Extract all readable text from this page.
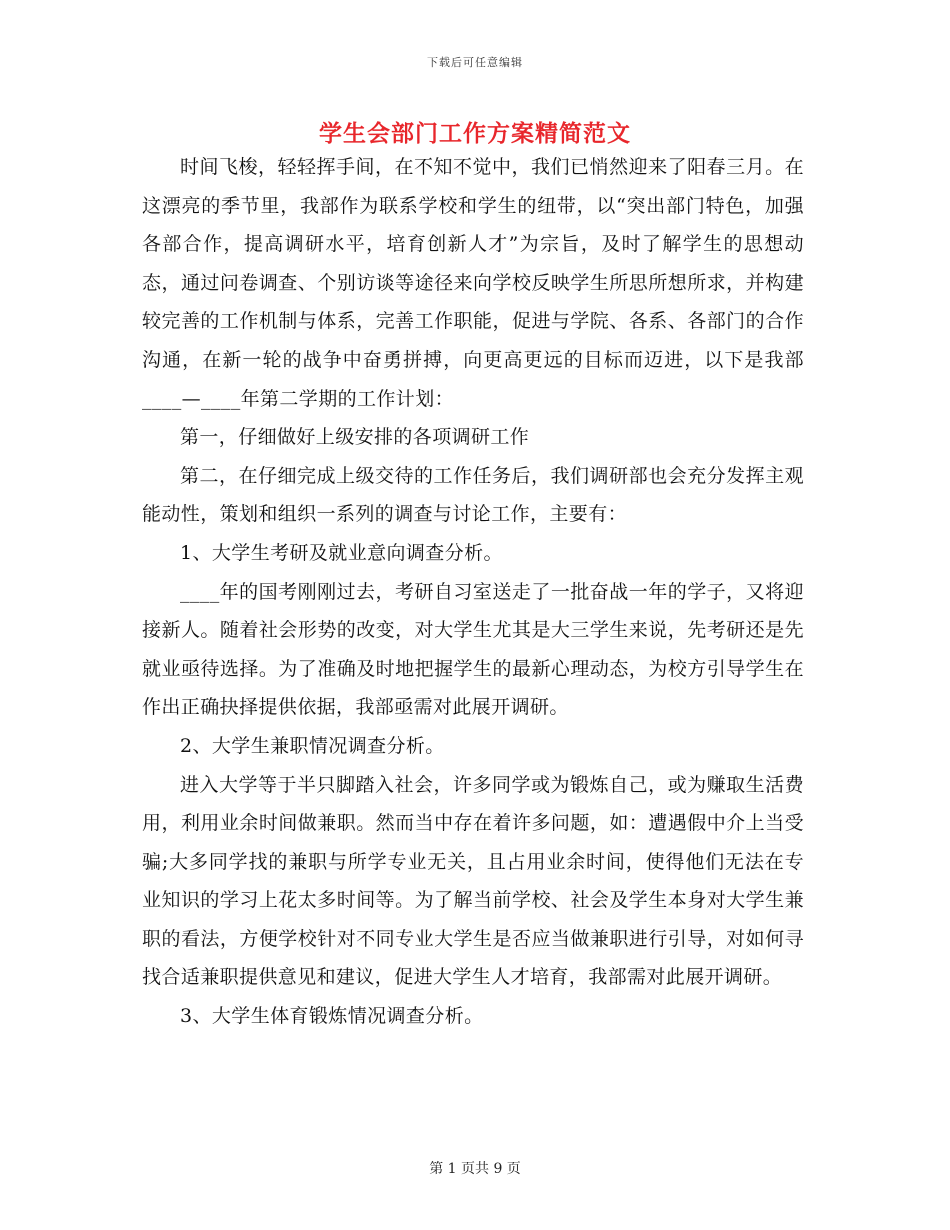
下载后可任意编辑
学生会部门工作方案精简范文

时间飞梭，轻轻挥手间，在不知不觉中，我们已悄然迎来了阳春三月。在这漂亮的季节里，我部作为联系学校和学生的纽带，以“突出部门特色，加强各部合作，提高调研水平，培育创新人才”为宗旨，及时了解学生的思想动态，通过问卷调查、个别访谈等途径来向学校反映学生所思所想所求，并构建较完善的工作机制与体系，完善工作职能，促进与学院、各系、各部门的合作沟通，在新一轮的战争中奋勇拼搏，向更高更远的目标而迈进，以下是我部____—____年第二学期的工作计划：

第一，仔细做好上级安排的各项调研工作

第二，在仔细完成上级交待的工作任务后，我们调研部也会充分发挥主观能动性，策划和组织一系列的调查与讨论工作，主要有：

1、大学生考研及就业意向调查分析。

____年的国考刚刚过去，考研自习室送走了一批奋战一年的学子，又将迎接新人。随着社会形势的改变，对大学生尤其是大三学生来说，先考研还是先就业亟待选择。为了准确及时地把握学生的最新心理动态，为校方引导学生在作出正确抉择提供依据，我部亟需对此展开调研。

2、大学生兼职情况调查分析。

进入大学等于半只脚踏入社会，许多同学或为锻炼自己，或为赚取生活费用，利用业余时间做兼职。然而当中存在着许多问题，如：遭遇假中介上当受骗;大多同学找的兼职与所学专业无关，且占用业余时间，使得他们无法在专业知识的学习上花太多时间等。为了解当前学校、社会及学生本身对大学生兼职的看法，方便学校针对不同专业大学生是否应当做兼职进行引导，对如何寻找合适兼职提供意见和建议，促进大学生人才培育，我部需对此展开调研。

3、大学生体育锻炼情况调查分析。

第 1 页共 9 页
